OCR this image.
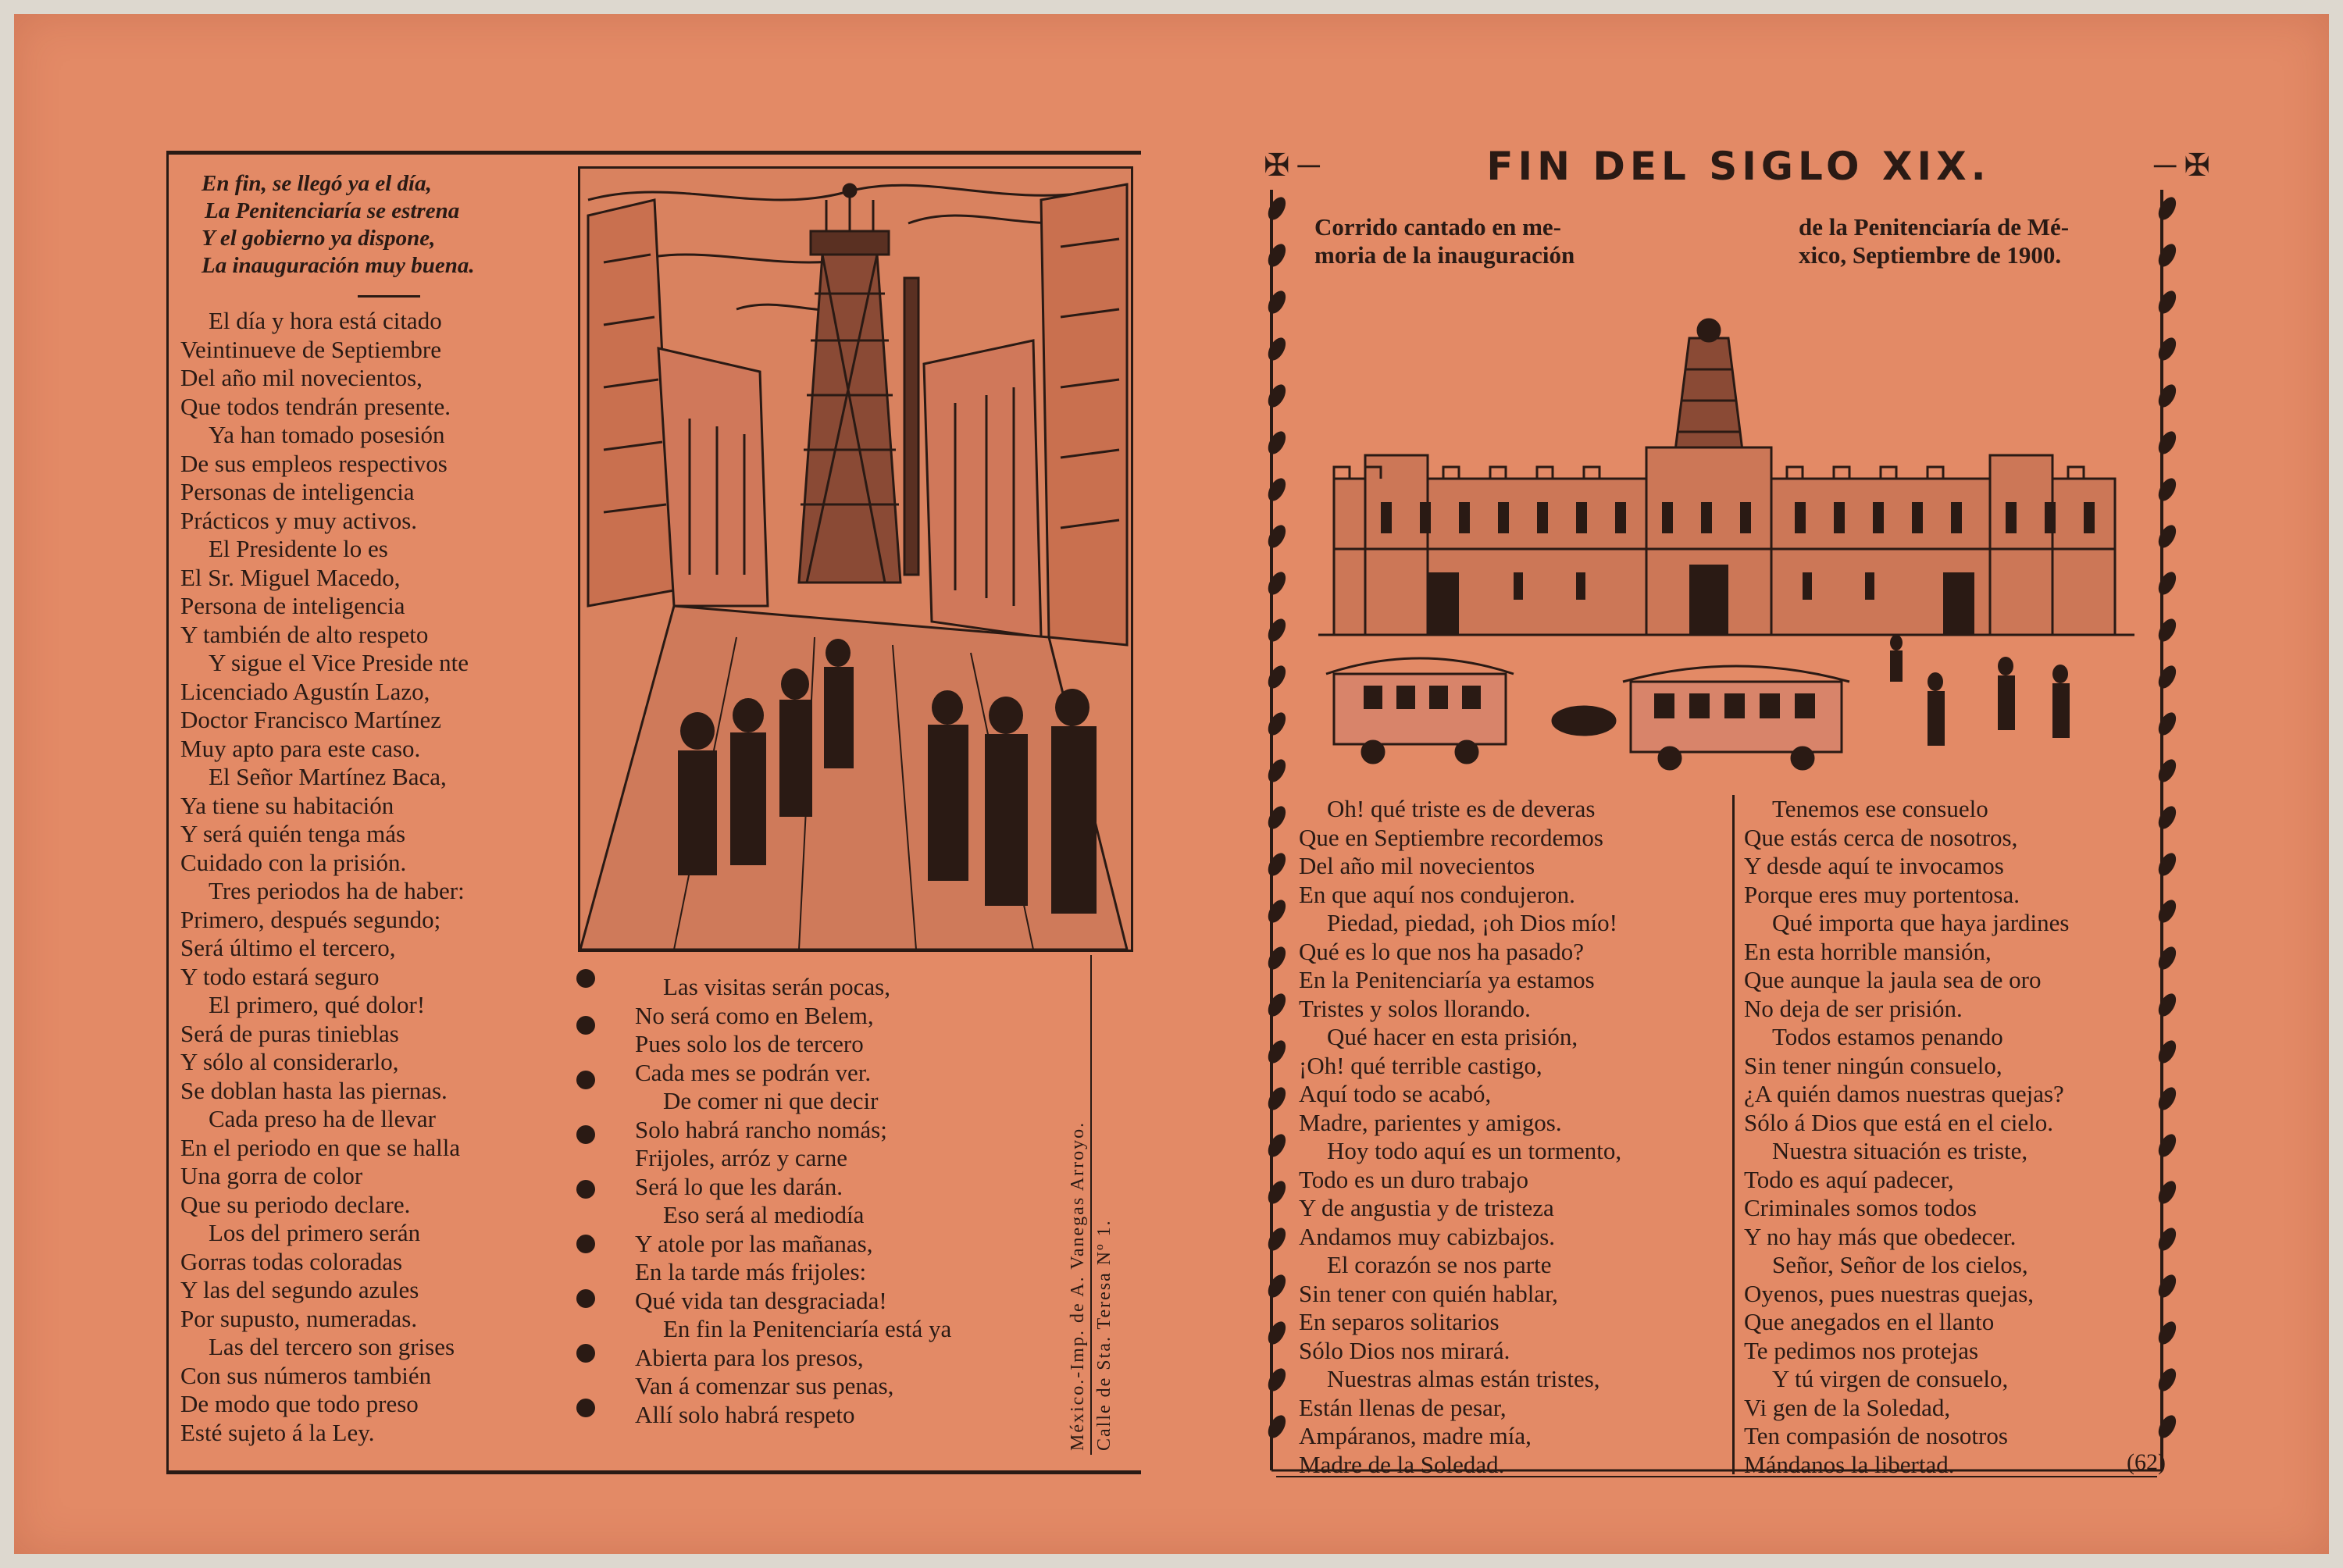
En fin, se llegó ya el día,
La Penitenciaría se estrena
Y el gobierno ya dispone,
La inauguración muy buena.
El día y hora está citado
Veintinueve de Septiembre
Del año mil novecientos,
Que todos tendrán presente.
Ya han tomado posesión
De sus empleos respectivos
Personas de inteligencia
Prácticos y muy activos.
El Presidente lo es
El Sr. Miguel Macedo,
Persona de inteligencia
Y también de alto respeto
Y sigue el Vice Preside nte
Licenciado Agustín Lazo,
Doctor Francisco Martínez
Muy apto para este caso.
El Señor Martínez Baca,
Ya tiene su habitación
Y será quién tenga más
Cuidado con la prisión.
Tres periodos ha de haber:
Primero, después segundo;
Será último el tercero,
Y todo estará seguro
El primero, qué dolor!
Será de puras tinieblas
Y sólo al considerarlo,
Se doblan hasta las piernas.
Cada preso ha de llevar
En el periodo en que se halla
Una gorra de color
Que su periodo declare.
Los del primero serán
Gorras todas coloradas
Y las del segundo azules
Por supusto, numeradas.
Las del tercero son grises
Con sus números también
De modo que todo preso
Esté sujeto á la Ley.
Las visitas serán pocas,
No será como en Belem,
Pues solo los de tercero
Cada mes se podrán ver.
De comer ni que decir
Solo habrá rancho nomás;
Frijoles, arróz y carne
Será lo que les darán.
Eso será al mediodía
Y atole por las mañanas,
En la tarde más frijoles:
Qué vida tan desgraciada!
En fin la Penitenciaría está ya
Abierta para los presos,
Van á comenzar sus penas,
Allí solo habrá respeto	México.-Imp. de A. Vanegas Arroyo. Calle de Sta. Teresa Nº 1.
✠ ─	FIN DEL SIGLO XIX.	─ ✠
Corrido cantado en me-
moria de la inauguración
de la Penitenciaría de Mé-
xico, Septiembre de 1900.
Oh! qué triste es de deveras
Que en Septiembre recordemos
Del año mil novecientos
En que aquí nos condujeron.
Piedad, piedad, ¡oh Dios mío!
Qué es lo que nos ha pasado?
En la Penitenciaría ya estamos
Tristes y solos llorando.
Qué hacer en esta prisión,
¡Oh! qué terrible castigo,
Aquí todo se acabó,
Madre, parientes y amigos.
Hoy todo aquí es un tormento,
Todo es un duro trabajo
Y de angustia y de tristeza
Andamos muy cabizbajos.
El corazón se nos parte
Sin tener con quién hablar,
En separos solitarios
Sólo Dios nos mirará.
Nuestras almas están tristes,
Están llenas de pesar,
Ampáranos, madre mía,
Madre de la Soledad.
Tenemos ese consuelo
Que estás cerca de nosotros,
Y desde aquí te invocamos
Porque eres muy portentosa.
Qué importa que haya jardines
En esta horrible mansión,
Que aunque la jaula sea de oro
No deja de ser prisión.
Todos estamos penando
Sin tener ningún consuelo,
¿A quién damos nuestras quejas?
Sólo á Dios que está en el cielo.
Nuestra situación es triste,
Todo es aquí padecer,
Criminales somos todos
Y no hay más que obedecer.
Señor, Señor de los cielos,
Oyenos, pues nuestras quejas,
Que anegados en el llanto
Te pedimos nos protejas
Y tú virgen de consuelo,
Vi gen de la Soledad,
Ten compasión de nosotros
Mándanos la libertad.	(62)
